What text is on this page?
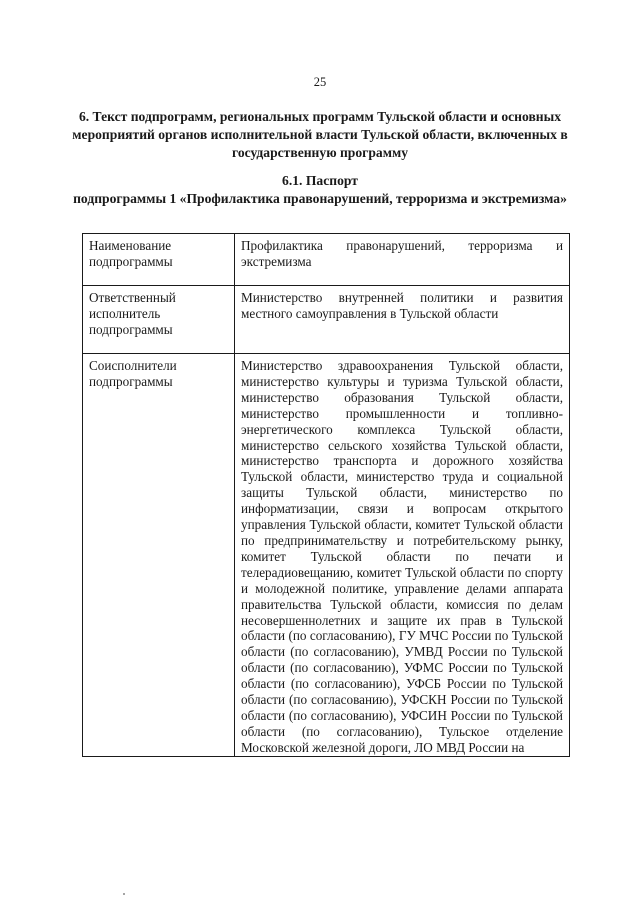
25
6. Текст подпрограмм, региональных программ Тульской области и основных мероприятий органов исполнительной власти Тульской области, включенных в государственную программу
6.1. Паспорт
подпрограммы 1 «Профилактика правонарушений, терроризма и экстремизма»
Наименование подпрограммы	Профилактика правонарушений, терроризма и экстремизма
Ответственный исполнитель подпрограммы	Министерство внутренней политики и развития местного самоуправления в Тульской области
Соисполнители подпрограммы	Министерство здравоохранения Тульской области, министерство культуры и туризма Тульской области, министерство образования Тульской области, министерство промышленности и топливно-энергетического комплекса Тульской области, министерство сельского хозяйства Тульской области, министерство транспорта и дорожного хозяйства Тульской области, министерство труда и социальной защиты Тульской области, министерство по информатизации, связи и вопросам открытого управления Тульской области, комитет Тульской области по предпринимательству и потребительскому рынку, комитет Тульской области по печати и телерадиовещанию, комитет Тульской области по спорту и молодежной политике, управление делами аппарата правительства Тульской области, комиссия по делам несовершеннолетних и защите их прав в Тульской области (по согласованию), ГУ МЧС России по Тульской области (по согласованию), УМВД России по Тульской области (по согласованию), УФМС России по Тульской области (по согласованию), УФСБ России по Тульской области (по согласованию), УФСКН России по Тульской области (по согласованию), УФСИН России по Тульской области (по согласованию), Тульское отделение Московской железной дороги, ЛО МВД России на
